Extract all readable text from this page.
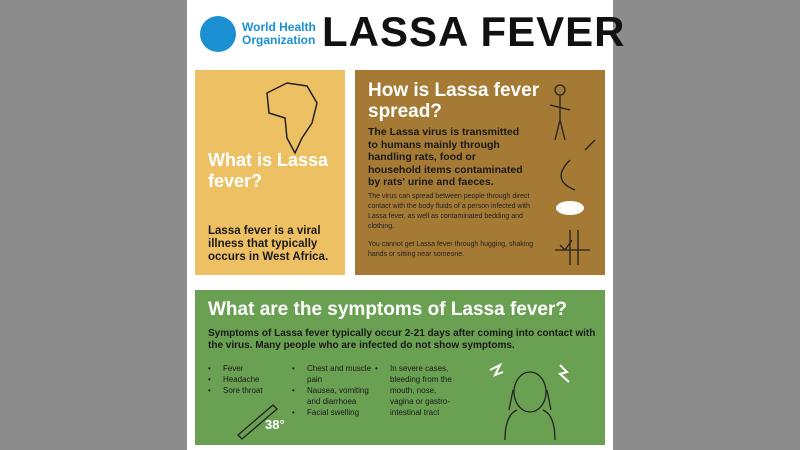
World Health
Organization LASSA FEVER
What is Lassa fever?
Lassa fever is a viral illness that typically occurs in West Africa.
How is Lassa fever spread?
The Lassa virus is transmitted to humans mainly through handling rats, food or household items contaminated by rats' urine and faeces.
The virus can spread between people through direct contact with the body fluids of a person infected with Lassa fever, as well as contaminated bedding and clothing.
You cannot get Lassa fever through hugging, shaking hands or sitting near someone.
What are the symptoms of Lassa fever?
Symptoms of Lassa fever typically occur 2-21 days after coming into contact with the virus. Many people who are infected do not show symptoms.
• Fever
• Headache
• Sore throat
• Chest and muscle pain
• Nausea, vomiting and diarrhoea
• Facial swelling
• In severe cases, bleeding from the mouth, nose, vagina or gastro-intestinal tract
38°
